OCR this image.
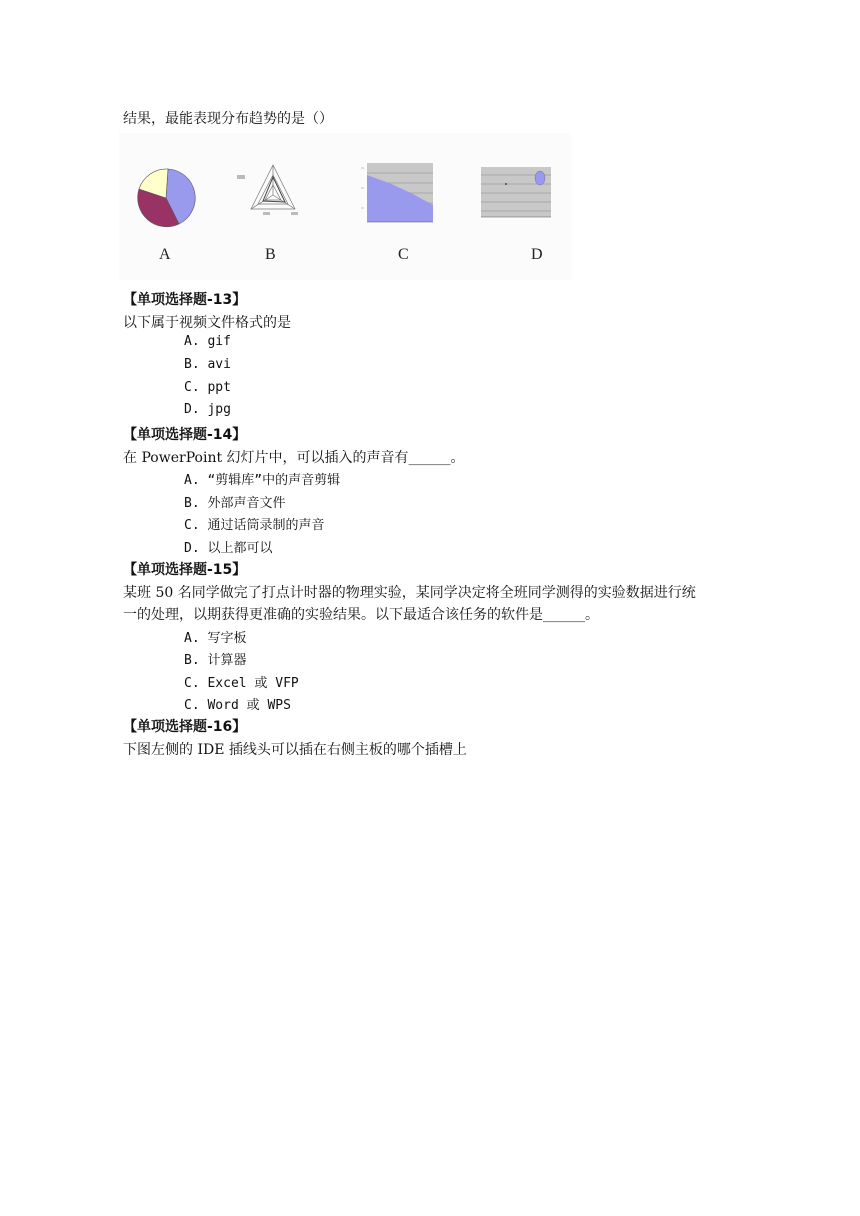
结果，最能表现分布趋势的是（）
A	B	C	D
【单项选择题-13】
以下属于视频文件格式的是
A. gif
B. avi
C. ppt
D. jpg
【单项选择题-14】
在 PowerPoint 幻灯片中，可以插入的声音有______。
A. “剪辑库”中的声音剪辑
B. 外部声音文件
C. 通过话筒录制的声音
D. 以上都可以
【单项选择题-15】
某班 50 名同学做完了打点计时器的物理实验，某同学决定将全班同学测得的实验数据进行统
一的处理，以期获得更准确的实验结果。以下最适合该任务的软件是______。
A. 写字板
B. 计算器
C. Excel 或 VFP
C. Word 或 WPS
【单项选择题-16】
下图左侧的 IDE 插线头可以插在右侧主板的哪个插槽上
